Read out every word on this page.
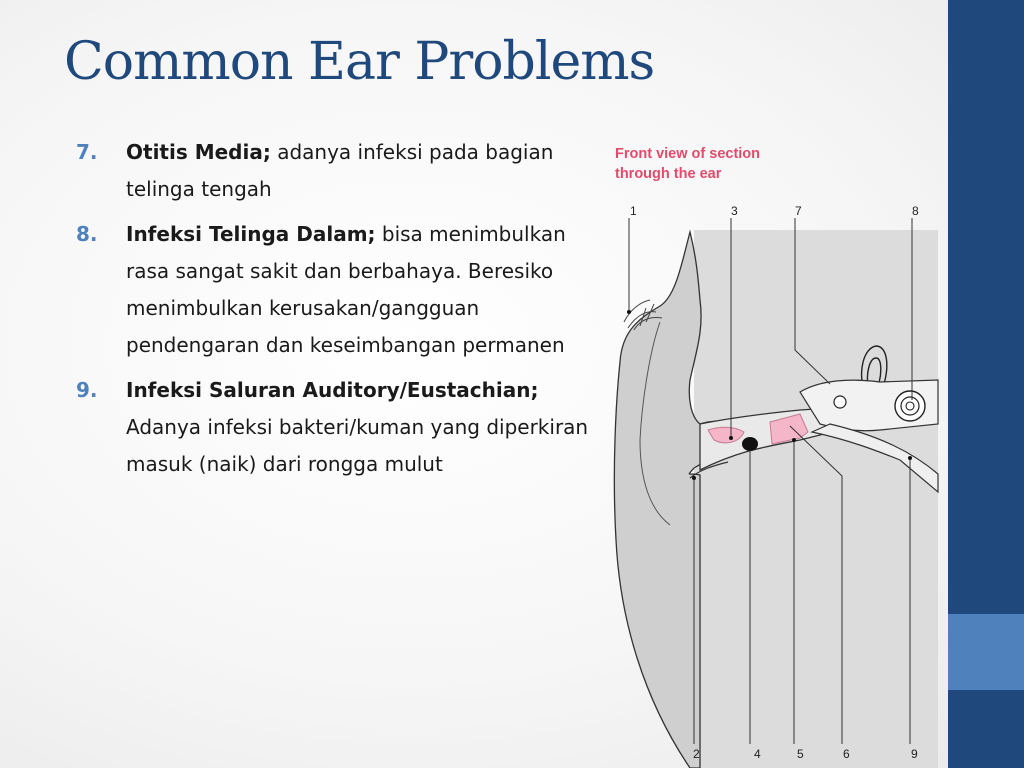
Common Ear Problems
7. Otitis Media; adanya infeksi pada bagian telinga tengah
8. Infeksi Telinga Dalam; bisa menimbulkan rasa sangat sakit dan berbahaya. Beresiko menimbulkan kerusakan/gangguan pendengaran dan keseimbangan permanen
9. Infeksi Saluran Auditory/Eustachian; Adanya infeksi bakteri/kuman yang diperkiran masuk (naik) dari rongga mulut
Front view of section
through the ear
1	3	7	8
2	4	5	6	9
